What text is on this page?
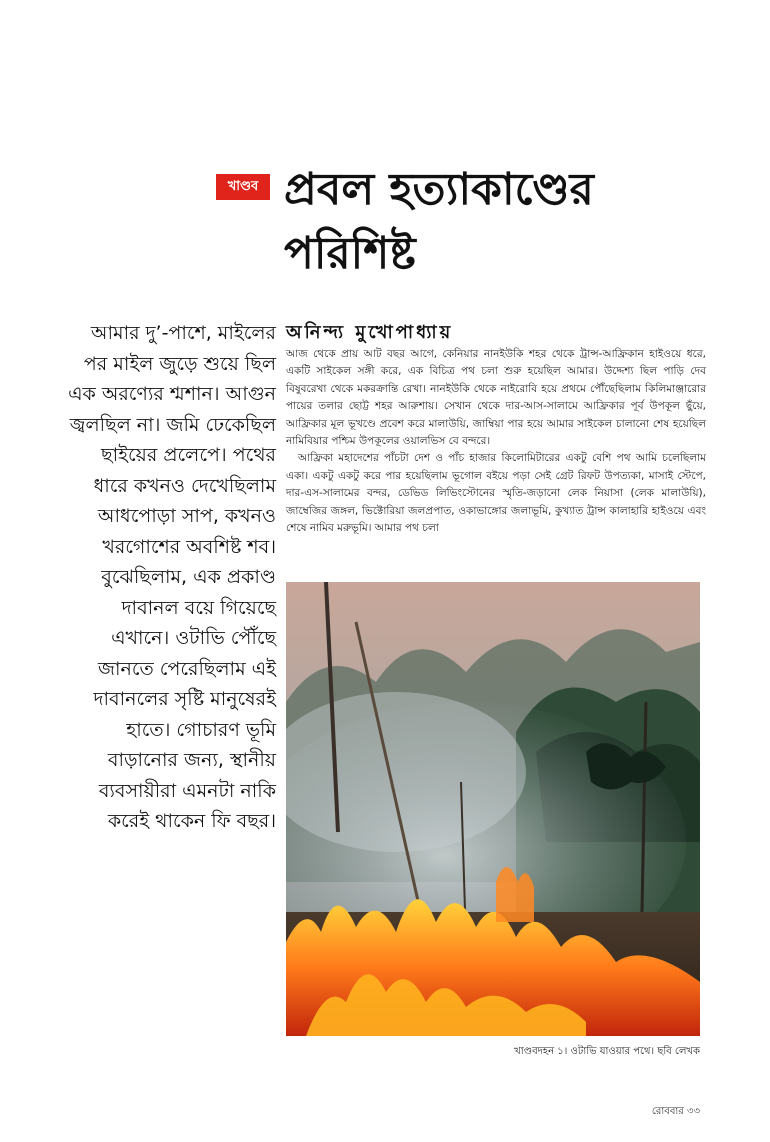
খাণ্ডব প্রবল হত্যাকাণ্ডের পরিশিষ্ট

আমার দু’-পাশে, মাইলের পর মাইল জুড়ে শুয়ে ছিল এক অরণ্যের শ্মশান। আগুন জ্বলছিল না। জমি ঢেকেছিল ছাইয়ের প্রলেপে। পথের ধারে কখনও দেখেছিলাম আধপোড়া সাপ, কখনও খরগোশের অবশিষ্ট শব। বুঝেছিলাম, এক প্রকাণ্ড দাবানল বয়ে গিয়েছে এখানে। ওটাভি পৌঁছে জানতে পেরেছিলাম এই দাবানলের সৃষ্টি মানুষেরই হাতে। গোচারণ ভূমি বাড়ানোর জন্য, স্থানীয় ব্যবসায়ীরা এমনটা নাকি করেই থাকেন ফি বছর।

অনিন্দ্য মুখোপাধ্যায়

আজ থেকে প্রায় আট বছর আগে, কেনিয়ার নানইউকি শহর থেকে ট্রান্স-আফ্রিকান হাইওয়ে ধরে, একটি সাইকেল সঙ্গী করে, এক বিচিত্র পথ চলা শুরু হয়েছিল আমার। উদ্দেশ্য ছিল পাড়ি দেব বিষুবরেখা থেকে মকরক্রান্তি রেখা। নানইউকি থেকে নাইরোবি হয়ে প্রথমে পৌঁছেছিলাম কিলিমাঞ্জারোর পায়ের তলার ছোট্ট শহর আরুশায়। সেখান থেকে দার-আস-সালামে আফ্রিকার পূর্ব উপকূল ছুঁয়ে, আফ্রিকার মূল ভূখণ্ডে প্রবেশ করে মালাউয়ি, জাম্বিয়া পার হয়ে আমার সাইকেল চালানো শেষ হয়েছিল নামিবিয়ার পশ্চিম উপকূলের ওয়ালভিস বে বন্দরে।

আফ্রিকা মহাদেশের পাঁচটা দেশ ও পাঁচ হাজার কিলোমিটারের একটু বেশি পথ আমি চলেছিলাম একা। একটু একটু করে পার হয়েছিলাম ভূগোল বইয়ে পড়া সেই গ্রেট রিফট উপত্যকা, মাসাই স্টেপে, দার-এস-সালামের বন্দর, ডেভিড লিভিংস্টোনের স্মৃতি-জড়ানো লেক নিয়াসা (লেক মালাউয়ি), জাম্বেজির জঙ্গল, ভিক্টোরিয়া জলপ্রপাত, ওকাভাঙ্গোর জলাভূমি, কুখ্যাত ট্রান্স কালাহারি হাইওয়ে এবং শেষে নামিব মরুভূমি। আমার পথ চলা

খাণ্ডবদহন ১। ওটাভি যাওয়ার পথে। ছবি লেখক
রোববার ৩৩
